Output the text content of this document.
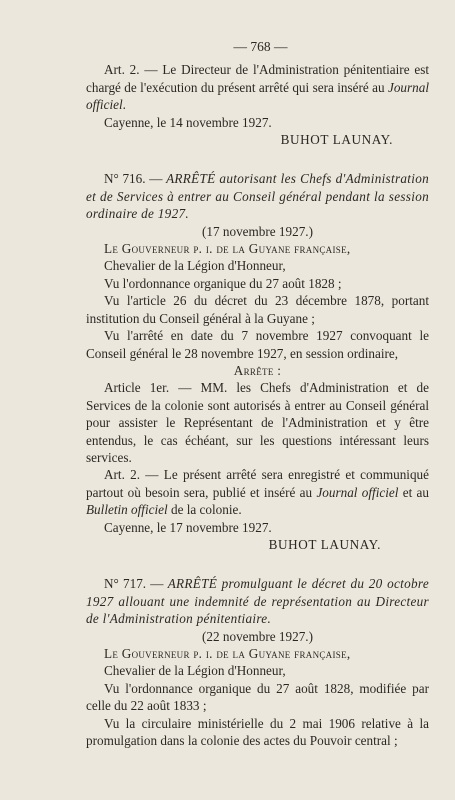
— 768 —

Art. 2. — Le Directeur de l'Administration pénitentiaire est chargé de l'exécution du présent arrêté qui sera inséré au Journal officiel.

Cayenne, le 14 novembre 1927.

BUHOT LAUNAY.

N° 716. — ARRÊTÉ autorisant les Chefs d'Administration et de Services à entrer au Conseil général pendant la session ordinaire de 1927.

(17 novembre 1927.)

Le Gouverneur p. i. de la Guyane française,

Chevalier de la Légion d'Honneur,

Vu l'ordonnance organique du 27 août 1828 ;

Vu l'article 26 du décret du 23 décembre 1878, portant institution du Conseil général à la Guyane ;

Vu l'arrêté en date du 7 novembre 1927 convoquant le Conseil général le 28 novembre 1927, en session ordinaire,

Arrête :

Article 1er. — MM. les Chefs d'Administration et de Services de la colonie sont autorisés à entrer au Conseil général pour assister le Représentant de l'Administration et y être entendus, le cas échéant, sur les questions intéressant leurs services.

Art. 2. — Le présent arrêté sera enregistré et communiqué partout où besoin sera, publié et inséré au Journal officiel et au Bulletin officiel de la colonie.

Cayenne, le 17 novembre 1927.

BUHOT LAUNAY.

N° 717. — ARRÊTÉ promulguant le décret du 20 octobre 1927 allouant une indemnité de représentation au Directeur de l'Administration pénitentiaire.

(22 novembre 1927.)

Le Gouverneur p. i. de la Guyane française,

Chevalier de la Légion d'Honneur,

Vu l'ordonnance organique du 27 août 1828, modifiée par celle du 22 août 1833 ;

Vu la circulaire ministérielle du 2 mai 1906 relative à la promulgation dans la colonie des actes du Pouvoir central ;
